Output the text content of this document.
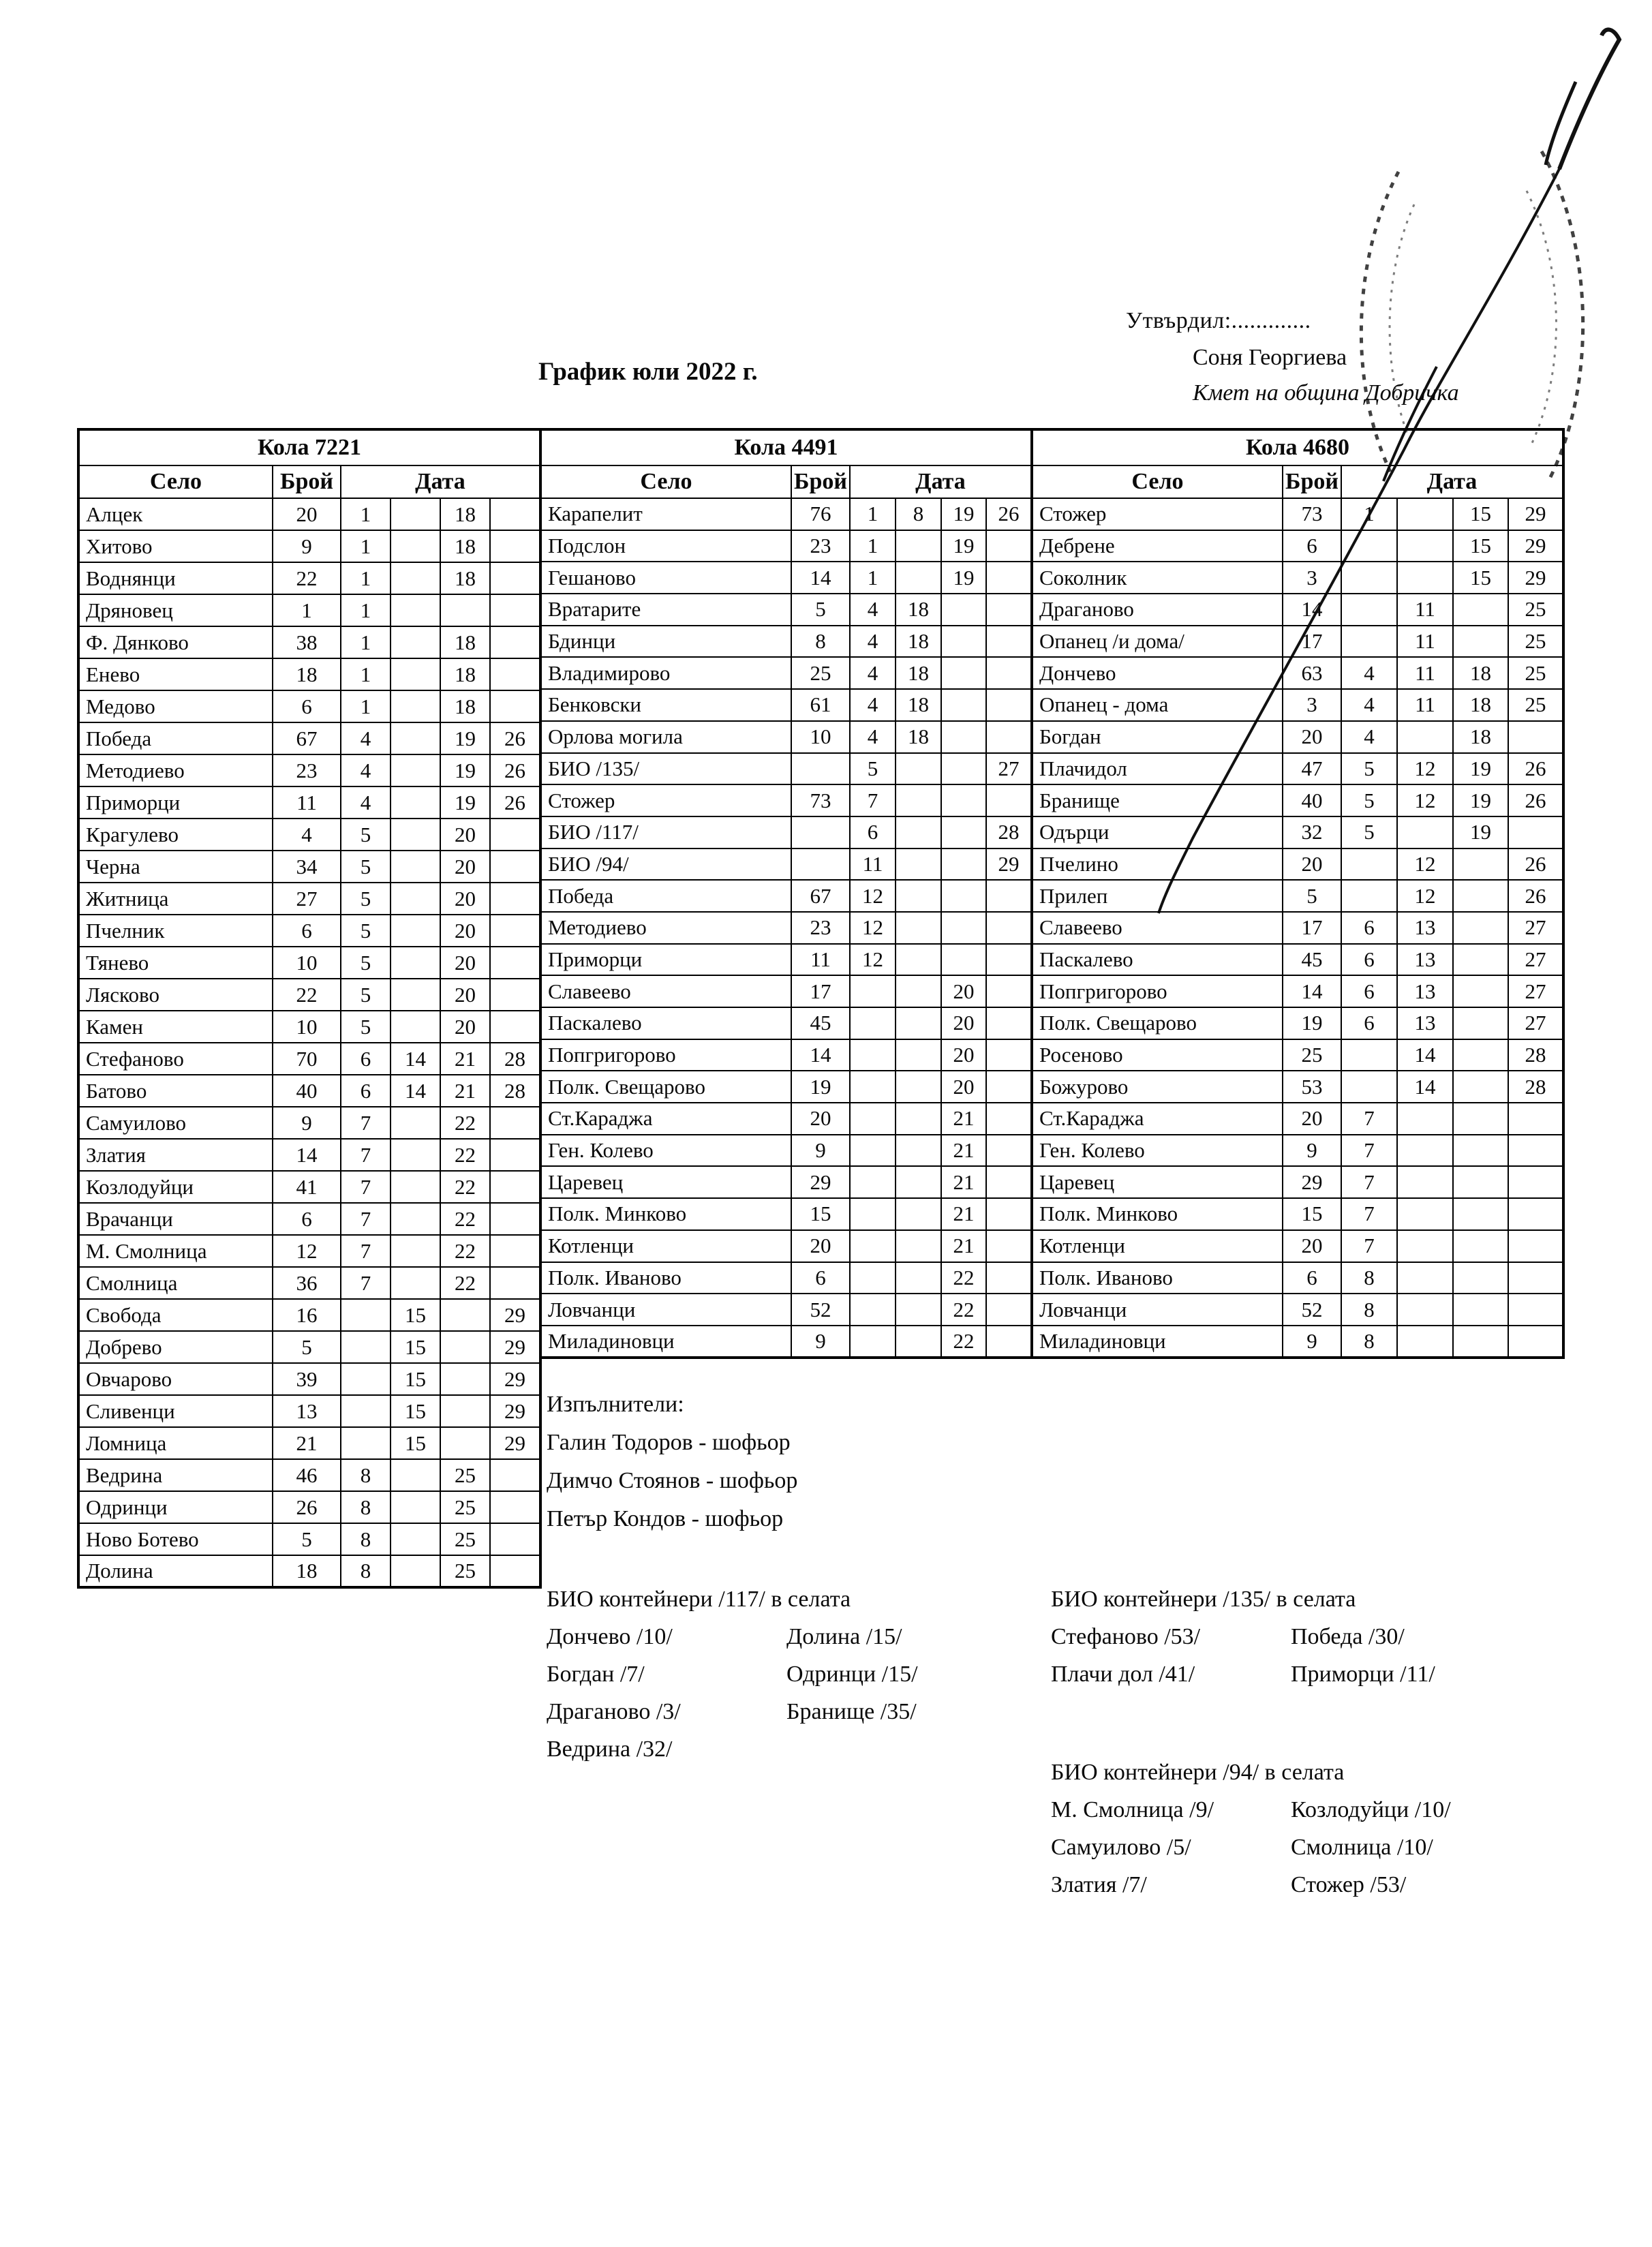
Утвърдил:.............
Соня Георгиева
Кмет на община Добричка
График юли 2022 г.
Кола 7221					
Село	Брой	Дата			
Алцек	20	1		18	
Хитово	9	1		18	
Воднянци	22	1		18	
Дряновец	1	1			
Ф. Дянково	38	1		18	
Енево	18	1		18	
Медово	6	1		18	
Победа	67	4		19	26
Методиево	23	4		19	26
Приморци	11	4		19	26
Крагулево	4	5		20	
Черна	34	5		20	
Житница	27	5		20	
Пчелник	6	5		20	
Тянево	10	5		20	
Лясково	22	5		20	
Камен	10	5		20	
Стефаново	70	6	14	21	28
Батово	40	6	14	21	28
Самуилово	9	7		22	
Златия	14	7		22	
Козлодуйци	41	7		22	
Врачанци	6	7		22	
М. Смолница	12	7		22	
Смолница	36	7		22	
Свобода	16		15		29
Добрево	5		15		29
Овчарово	39		15		29
Сливенци	13		15		29
Ломница	21		15		29
Ведрина	46	8		25	
Одринци	26	8		25	
Ново Ботево	5	8		25	
Долина	18	8		25	
Кола 4491					
Село	Брой	Дата			
Карапелит	76	1	8	19	26
Подслон	23	1		19	
Гешаново	14	1		19	
Вратарите	5	4	18		
Бдинци	8	4	18		
Владимирово	25	4	18		
Бенковски	61	4	18		
Орлова могила	10	4	18		
БИО /135/		5			27
Стожер	73	7			
БИО /117/		6			28
БИО /94/		11			29
Победа	67	12			
Методиево	23	12			
Приморци	11	12			
Славеево	17			20	
Паскалево	45			20	
Попгригорово	14			20	
Полк. Свещарово	19			20	
Ст.Караджа	20			21	
Ген. Колево	9			21	
Царевец	29			21	
Полк. Минково	15			21	
Котленци	20			21	
Полк. Иваново	6			22	
Ловчанци	52			22	
Миладиновци	9			22	
Кола 4680					
Село	Брой	Дата			
Стожер	73	1		15	29
Дебрене	6			15	29
Соколник	3			15	29
Драганово	14		11		25
Опанец /и дома/	17		11		25
Дончево	63	4	11	18	25
Опанец - дома	3	4	11	18	25
Богдан	20	4		18	
Плачидол	47	5	12	19	26
Бранище	40	5	12	19	26
Одърци	32	5		19	
Пчелино	20		12		26
Прилеп	5		12		26
Славеево	17	6	13		27
Паскалево	45	6	13		27
Попгригорово	14	6	13		27
Полк. Свещарово	19	6	13		27
Росеново	25		14		28
Божурово	53		14		28
Ст.Караджа	20	7			
Ген. Колево	9	7			
Царевец	29	7			
Полк. Минково	15	7			
Котленци	20	7			
Полк. Иваново	6	8			
Ловчанци	52	8			
Миладиновци	9	8			
Изпълнители:
Галин Тодоров - шофьор
Димчо Стоянов - шофьор
Петър Кондов - шофьор
БИО контейнери /117/ в селата
Дончево /10/	Долина /15/
Богдан /7/	Одринци /15/
Драганово /3/	Бранище /35/
Ведрина /32/
БИО контейнери /135/ в селата
Стефаново /53/	Победа /30/
Плачи дол /41/	Приморци /11/
БИО контейнери /94/ в селата
М. Смолница /9/	Козлодуйци /10/
Самуилово /5/	Смолница /10/
Златия /7/	Стожер /53/
